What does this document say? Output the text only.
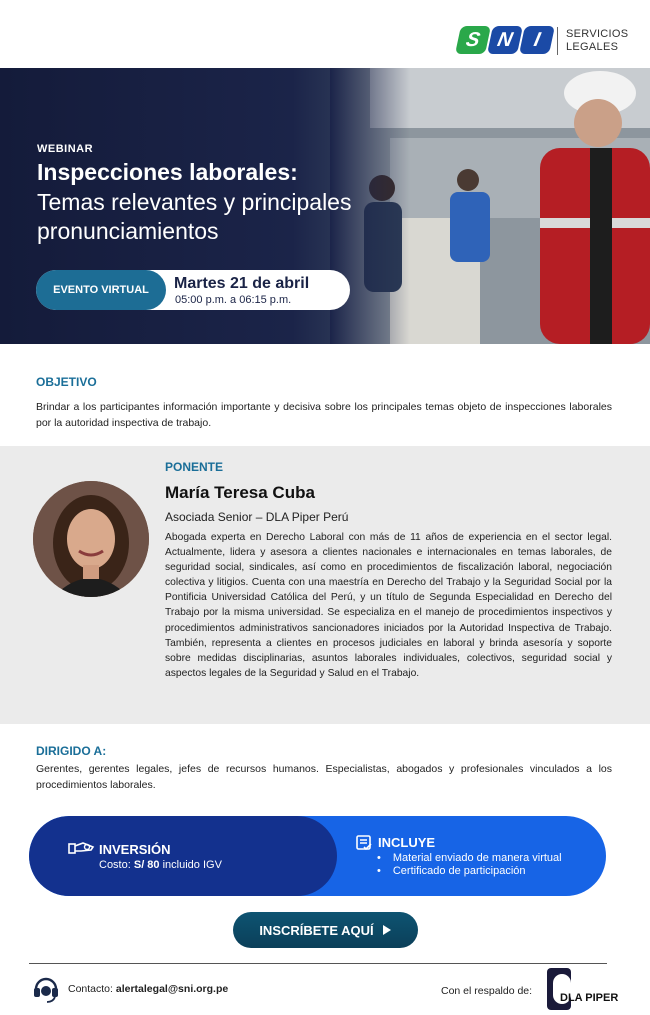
S N I	SERVICIOS
LEGALES
WEBINAR
Inspecciones laborales:
Temas relevantes y principales
pronunciamientos
EVENTO VIRTUAL	Martes 21 de abril
05:00 p.m. a 06:15 p.m.
OBJETIVO
Brindar a los participantes información importante y decisiva sobre los principales temas objeto de inspecciones laborales por la autoridad inspectiva de trabajo.
PONENTE
María Teresa Cuba
Asociada Senior – DLA Piper Perú
Abogada experta en Derecho Laboral con más de 11 años de experiencia en el sector legal. Actualmente, lidera y asesora a clientes nacionales e internacionales en temas laborales, de seguridad social, sindicales, así como en procedimientos de fiscalización laboral, negociación colectiva y litigios. Cuenta con una maestría en Derecho del Trabajo y la Seguridad Social por la Pontificia Universidad Católica del Perú, y un título de Segunda Especialidad en Derecho del Trabajo por la misma universidad. Se especializa en el manejo de procedimientos inspectivos y procedimientos administrativos sancionadores iniciados por la Autoridad Inspectiva de Trabajo. También, representa a clientes en procesos judiciales en laboral y brinda asesoría y soporte sobre medidas disciplinarias, asuntos laborales individuales, colectivos, seguridad social y aspectos legales de la Seguridad y Salud en el Trabajo.
DIRIGIDO A:
Gerentes, gerentes legales, jefes de recursos humanos. Especialistas, abogados y profesionales vinculados a los procedimientos laborales.
INVERSIÓN
Costo: S/ 80 incluido IGV
INCLUYE
• Material enviado de manera virtual
• Certificado de participación
INSCRÍBETE AQUÍ
Contacto: alertalegal@sni.org.pe	Con el respaldo de:
DLA PIPER
